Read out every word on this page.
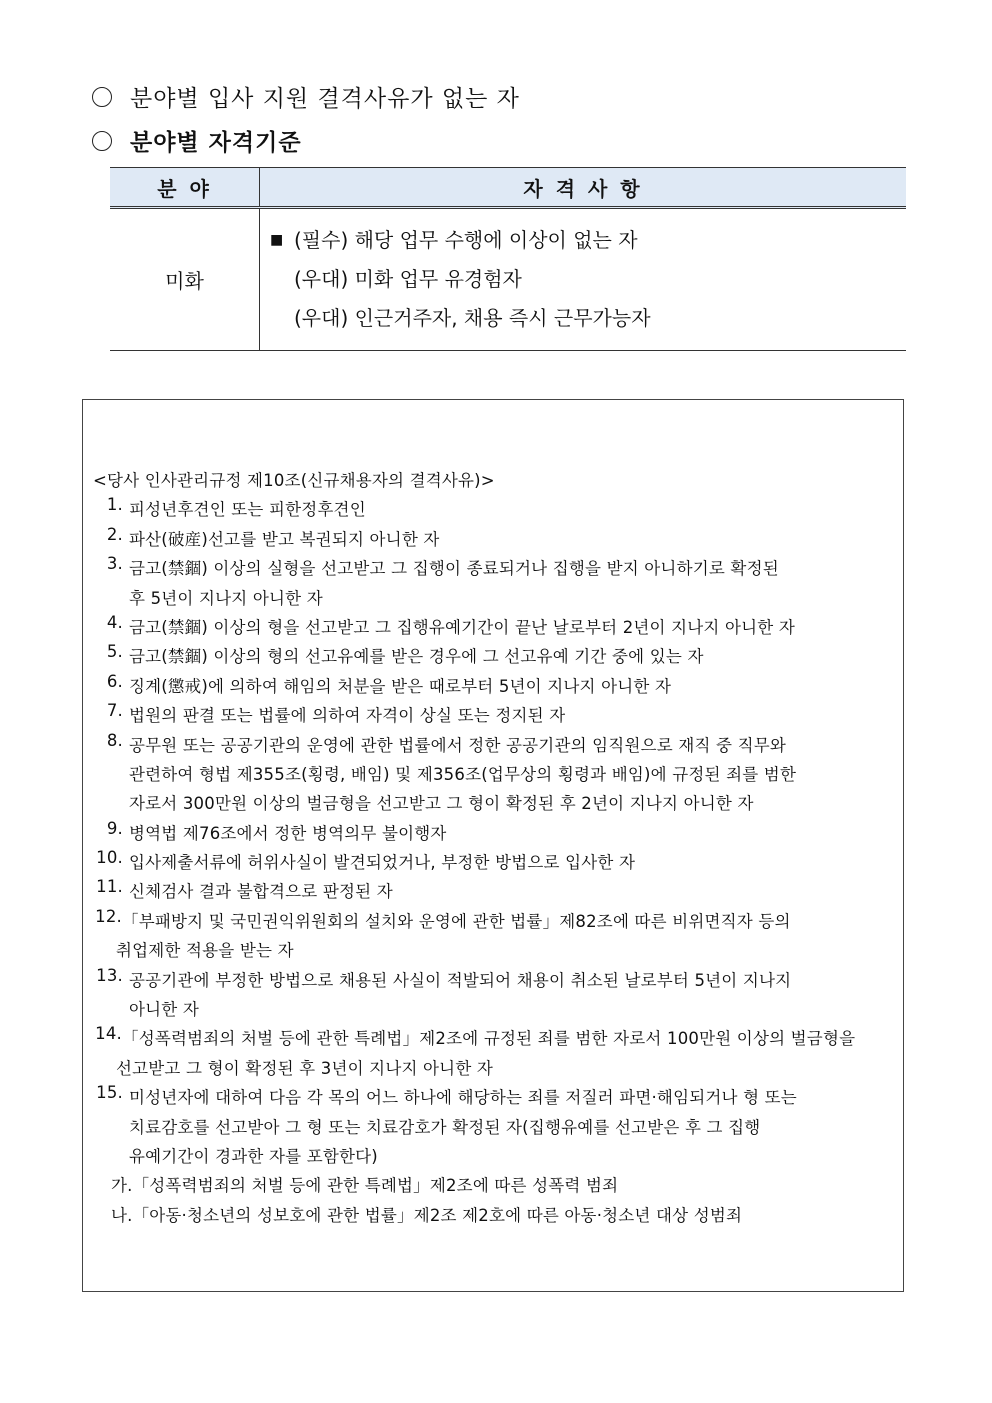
분야별 입사 지원 결격사유가 없는 자
분야별 자격기준
분 야	자 격 사 항
미화	■ (필수) 해당 업무 수행에 이상이 없는 자
(우대) 미화 업무 유경험자
(우대) 인근거주자, 채용 즉시 근무가능자
<당사 인사관리규정 제10조(신규채용자의 결격사유)>
1. 피성년후견인 또는 피한정후견인
2. 파산(破産)선고를 받고 복권되지 아니한 자
3. 금고(禁錮) 이상의 실형을 선고받고 그 집행이 종료되거나 집행을 받지 아니하기로 확정된
후 5년이 지나지 아니한 자
4. 금고(禁錮) 이상의 형을 선고받고 그 집행유예기간이 끝난 날로부터 2년이 지나지 아니한 자
5. 금고(禁錮) 이상의 형의 선고유예를 받은 경우에 그 선고유예 기간 중에 있는 자
6. 징계(懲戒)에 의하여 해임의 처분을 받은 때로부터 5년이 지나지 아니한 자
7. 법원의 판결 또는 법률에 의하여 자격이 상실 또는 정지된 자
8. 공무원 또는 공공기관의 운영에 관한 법률에서 정한 공공기관의 임직원으로 재직 중 직무와
관련하여 형법 제355조(횡령, 배임) 및 제356조(업무상의 횡령과 배임)에 규정된 죄를 범한
자로서 300만원 이상의 벌금형을 선고받고 그 형이 확정된 후 2년이 지나지 아니한 자
9. 병역법 제76조에서 정한 병역의무 불이행자
10. 입사제출서류에 허위사실이 발견되었거나, 부정한 방법으로 입사한 자
11. 신체검사 결과 불합격으로 판정된 자
12. 「부패방지 및 국민권익위원회의 설치와 운영에 관한 법률」제82조에 따른 비위면직자 등의
취업제한 적용을 받는 자
13. 공공기관에 부정한 방법으로 채용된 사실이 적발되어 채용이 취소된 날로부터 5년이 지나지
아니한 자
14. 「성폭력범죄의 처벌 등에 관한 특례법」제2조에 규정된 죄를 범한 자로서 100만원 이상의 벌금형을
선고받고 그 형이 확정된 후 3년이 지나지 아니한 자
15. 미성년자에 대하여 다음 각 목의 어느 하나에 해당하는 죄를 저질러 파면·해임되거나 형 또는
치료감호를 선고받아 그 형 또는 치료감호가 확정된 자(집행유예를 선고받은 후 그 집행
유예기간이 경과한 자를 포함한다)
가.「성폭력범죄의 처벌 등에 관한 특례법」제2조에 따른 성폭력 범죄
나.「아동·청소년의 성보호에 관한 법률」제2조 제2호에 따른 아동·청소년 대상 성범죄
